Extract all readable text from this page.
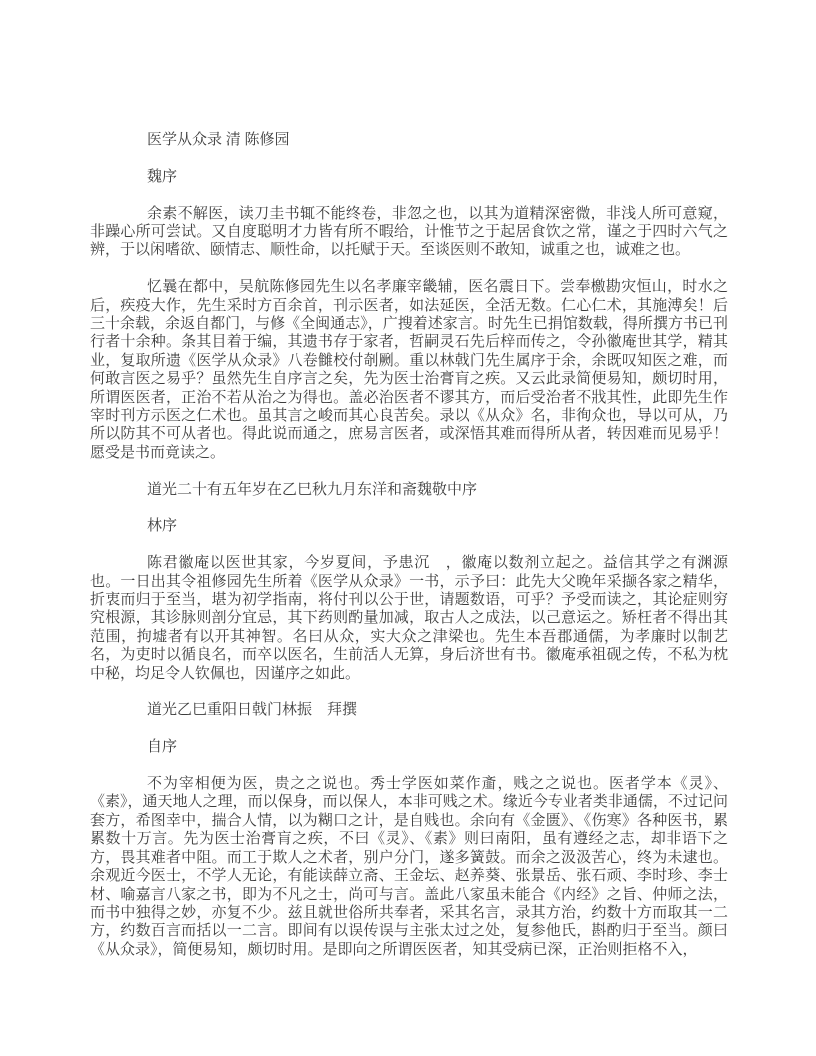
医学从众录 清 陈修园

魏序

余素不解医，读刀圭书辄不能终卷，非忽之也，以其为道精深密微，非浅人所可意窥，非躁心所可尝试。又自度聪明才力皆有所不暇给，计惟节之于起居食饮之常，谨之于四时六气之辨，于以闲嗜欲、颐情志、顺性命，以托赋于天。至谈医则不敢知，诚重之也，诚难之也。

忆曩在都中，吴航陈修园先生以名孝廉宰畿辅，医名震日下。尝奉檄勘灾恒山，时水之后，疾疫大作，先生采时方百余首，刊示医者，如法延医，全活无数。仁心仁术，其施溥矣！后三十余载，余返自都门，与修《全闽通志》，广搜着述家言。时先生已捐馆数载，得所撰方书已刊行者十余种。条其目着于编，其遗书存于家者，哲嗣灵石先后梓而传之，令孙徽庵世其学，精其业，复取所遗《医学从众录》八卷雠校付剞劂。重以林戟门先生属序于余，余既叹知医之难，而何敢言医之易乎？虽然先生自序言之矣，先为医士治膏肓之疾。又云此录简便易知，颇切时用，所谓医医者，正治不若从治之为得也。盖必治医者不谬其方，而后受治者不戕其性，此即先生作宰时刊方示医之仁术也。虽其言之峻而其心良苦矣。录以《从众》名，非徇众也，导以可从，乃所以防其不可从者也。得此说而通之，庶易言医者，或深悟其难而得所从者，转因难而见易乎！愿受是书而竟读之。

道光二十有五年岁在乙巳秋九月东洋和斋魏敬中序

林序

陈君徽庵以医世其家，今岁夏间，予患沉　，徽庵以数剂立起之。益信其学之有渊源也。一日出其令祖修园先生所着《医学从众录》一书，示予曰：此先大父晚年采撷各家之精华，折衷而归于至当，堪为初学指南，将付刊以公于世，请题数语，可乎？予受而读之，其论症则穷究根源，其诊脉则剖分宜忌，其下药则酌量加减，取古人之成法，以己意运之。矫枉者不得出其范围，拘墟者有以开其神智。名曰从众，实大众之津梁也。先生本吾郡通儒，为孝廉时以制艺名，为吏时以循良名，而卒以医名，生前活人无算，身后济世有书。徽庵承祖砚之传，不私为枕中秘，均足令人钦佩也，因谨序之如此。

道光乙巳重阳日戟门林振　拜撰

自序

不为宰相便为医，贵之之说也。秀士学医如菜作齑，贱之之说也。医者学本《灵》、《素》，通天地人之理，而以保身，而以保人，本非可贱之术。缘近今专业者类非通儒，不过记问套方，希图幸中，揣合人情，以为糊口之计，是自贱也。余向有《金匮》、《伤寒》各种医书，累累数十万言。先为医士治膏肓之疾，不曰《灵》、《素》则曰南阳，虽有遵经之志，却非语下之方，畏其难者中阻。而工于欺人之术者，别户分门，遂多簧鼓。而余之汲汲苦心，终为未逮也。余观近今医士，不学人无论，有能读薛立斋、王金坛、赵养葵、张景岳、张石顽、李时珍、李士材、喻嘉言八家之书，即为不凡之士，尚可与言。盖此八家虽未能合《内经》之旨、仲师之法，而书中独得之妙，亦复不少。兹且就世俗所共奉者，采其名言，录其方治，约数十方而取其一二方，约数百言而括以一二言。即间有以误传误与主张太过之处，复参他氏，斟酌归于至当。颜曰《从众录》，简便易知，颇切时用。是即向之所谓医医者，知其受病已深，正治则拒格不入，
